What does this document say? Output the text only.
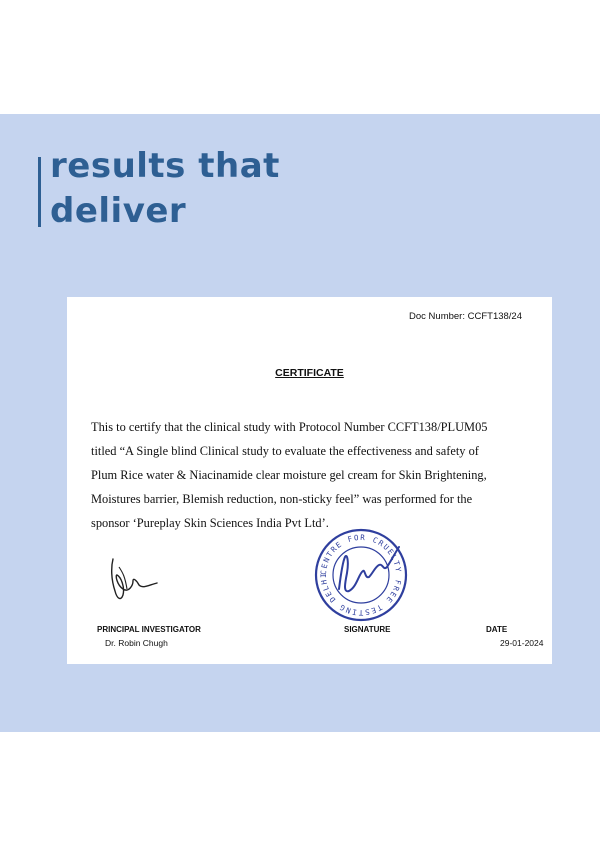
results that
deliver
Doc Number: CCFT138/24
CERTIFICATE
This to certify that the clinical study with Protocol Number CCFT138/PLUM05
titled “A Single blind Clinical study to evaluate the effectiveness and safety of
Plum Rice water & Niacinamide clear moisture gel cream for Skin Brightening,
Moistures barrier, Blemish reduction, non-sticky feel” was performed for the
sponsor ‘Pureplay Skin Sciences India Pvt Ltd’.
CENTRE FOR CRUELTY FREE TESTING DELHI
PRINCIPAL INVESTIGATOR
Dr. Robin Chugh
SIGNATURE	DATE
29-01-2024
